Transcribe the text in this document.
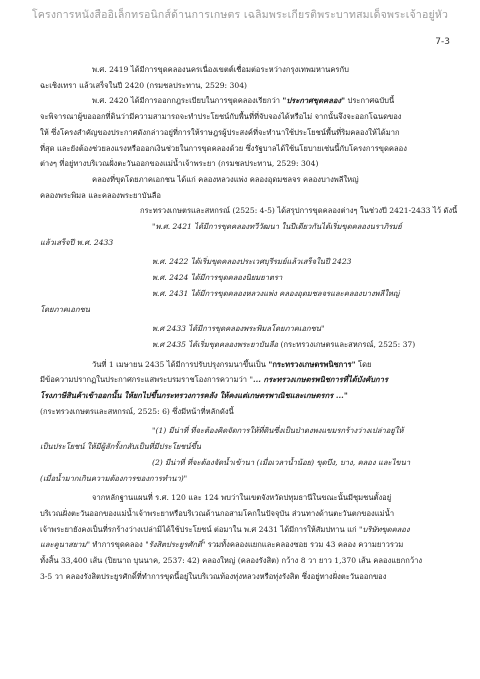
โครงการหนังสืออิเล็กทรอนิกส์ด้านการเกษตร เฉลิมพระเกียรติพระบาทสมเด็จพระเจ้าอยู่หัว
7-3

พ.ศ. 2419 ได้มีการขุดคลองนครเนื่องเขตต์เชื่อมต่อระหว่างกรุงเทพมหานครกับ

ฉะเชิงเทรา แล้วเสร็จในปี 2420 (กรมชลประทาน, 2529: 304)

พ.ศ. 2420 ได้มีการออกกฎระเบียบในการขุดคลองเรียกว่า "ประกาศขุดคลอง" ประกาศฉบับนี้

จะพิจารณาผู้ขอออกที่ดินว่ามีความสามารถจะทำประโยชน์กับพื้นที่ที่จับจองได้หรือไม่ จากนั้นจึงจะออกโฉนดของ

ให้ ซึ่งโครงสำคัญของประกาศดังกล่าวอยู่ที่การให้ราษฎรผู้ประสงค์ที่จะทำนาใช้ประโยชน์พื้นที่ริมคลองให้ได้มาก

ที่สุด และยังต้องช่วยลงแรงหรือออกเงินช่วยในการขุดคลองด้วย ซึ่งรัฐบาลได้ใช้นโยบายเช่นนี้กับโครงการขุดคลอง

ต่างๆ ที่อยู่ทางบริเวณฝั่งตะวันออกของแม่น้ำเจ้าพระยา (กรมชลประทาน, 2529: 304)

คลองที่ขุดโดยภาคเอกชน ได้แก่ คลองหลวงแพ่ง คลองอุดมชลจร คลองบางพลีใหญ่

คลองพระพิมล และคลองพระยาบันลือ

กระทรวงเกษตรและสหกรณ์ (2525: 4-5) ได้สรุปการขุดคลองต่างๆ ในช่วงปี 2421-2433 ไว้ ดังนี้

"พ.ศ. 2421 ได้มีการขุดคลองทวีวัฒนา ในปีเดียวกันได้เริ่มขุดคลองนราภิรมย์

แล้วเสร็จปี พ.ศ. 2433

พ.ศ. 2422 ได้เริ่มขุดคลองประเวศบุรีรมย์แล้วเสร็จในปี 2423

พ.ศ. 2424 ได้มีการขุดคลองนิยมยาตรา

พ.ศ. 2431 ได้มีการขุดคลองหลวงแพ่ง คลองอุดมชลจรและคลองบางพลีใหญ่

โดยภาคเอกชน

พ.ศ 2433 ได้มีการขุดคลองพระพิมลโดยภาคเอกชน"

พ.ศ 2435 ได้เริ่มขุดคลองพระยาบันลือ (กระทรวงเกษตรและสหกรณ์, 2525: 37)

วันที่ 1 เมษายน 2435 ได้มีการปรับปรุงกรมนาขึ้นเป็น "กระทรวงเกษตรพนิชการ" โดย

มีข้อความปรากฏในประกาศกระแสพระบรมราชโองการความว่า "... กระทรวงเกษตรพนิชการที่ได้บังคับการ

โรงภาษีสินค้าเข้าออกนั้น ให้ยกไปขึ้นกระทรวงการคลัง ให้คงแต่เกษตรพาณิชและเกษตรกร ..."

(กระทรวงเกษตรและสหกรณ์, 2525: 6) ซึ่งมีหน้าที่หลักดังนี้

"(1) มีน่าที่ ที่จะต้องคิดจัดการให้ที่ดินซึ่งเป็นป่าดงพงแขมรกร้างว่างเปล่าอยู่ให้

เป็นประโยชน์ ให้มีผู้ลักรั้งกลับเป็นที่มีประโยชน์ขึ้น

(2) มีน่าที่ ที่จะต้องจัดน้ำเข้านา (เมื่อเวลาน้ำน้อย) ขุดบึง, บาง, คลอง และไขนา

(เมื่อน้ำมากเกินความต้องการของการทำนา)"

จากหลักฐานแผนที่ ร.ศ. 120 และ 124 พบว่าในเขตจังหวัดปทุมธานีในขณะนั้นมีชุมชนตั้งอยู่

บริเวณฝั่งตะวันออกของแม่น้ำเจ้าพระยาหรือบริเวณด้านกอสามโคกในปัจจุบัน ส่วนทางด้านตะวันตกของแม่น้ำ

เจ้าพระยายังคงเป็นที่รกร้างว่างเปล่ามิได้ใช้ประโยชน์ ต่อมาใน พ.ศ 2431 ได้มีการให้สัมปทาน แก่ "บริษัทขุดคลอง

และคูนาสยาม" ทำการขุดคลอง "รังสิตประยูรศักดิ์" รวมทั้งคลองแยกและคลองซอย รวม 43 คลอง ความยาวรวม

ทั้งสิ้น 33,400 เส้น (ปิยนาถ บุนนาค, 2537: 42) คลองใหญ่ (คลองรังสิต) กว้าง 8 วา ยาว 1,370 เส้น คลองแยกกว้าง

3-5 วา คลองรังสิตประยูรศักดิ์ที่ทำการขุดนี้อยู่ในบริเวณท้องทุ่งหลวงหรือทุ่งรังสิต ซึ่งอยู่ทางฝั่งตะวันออกของ
